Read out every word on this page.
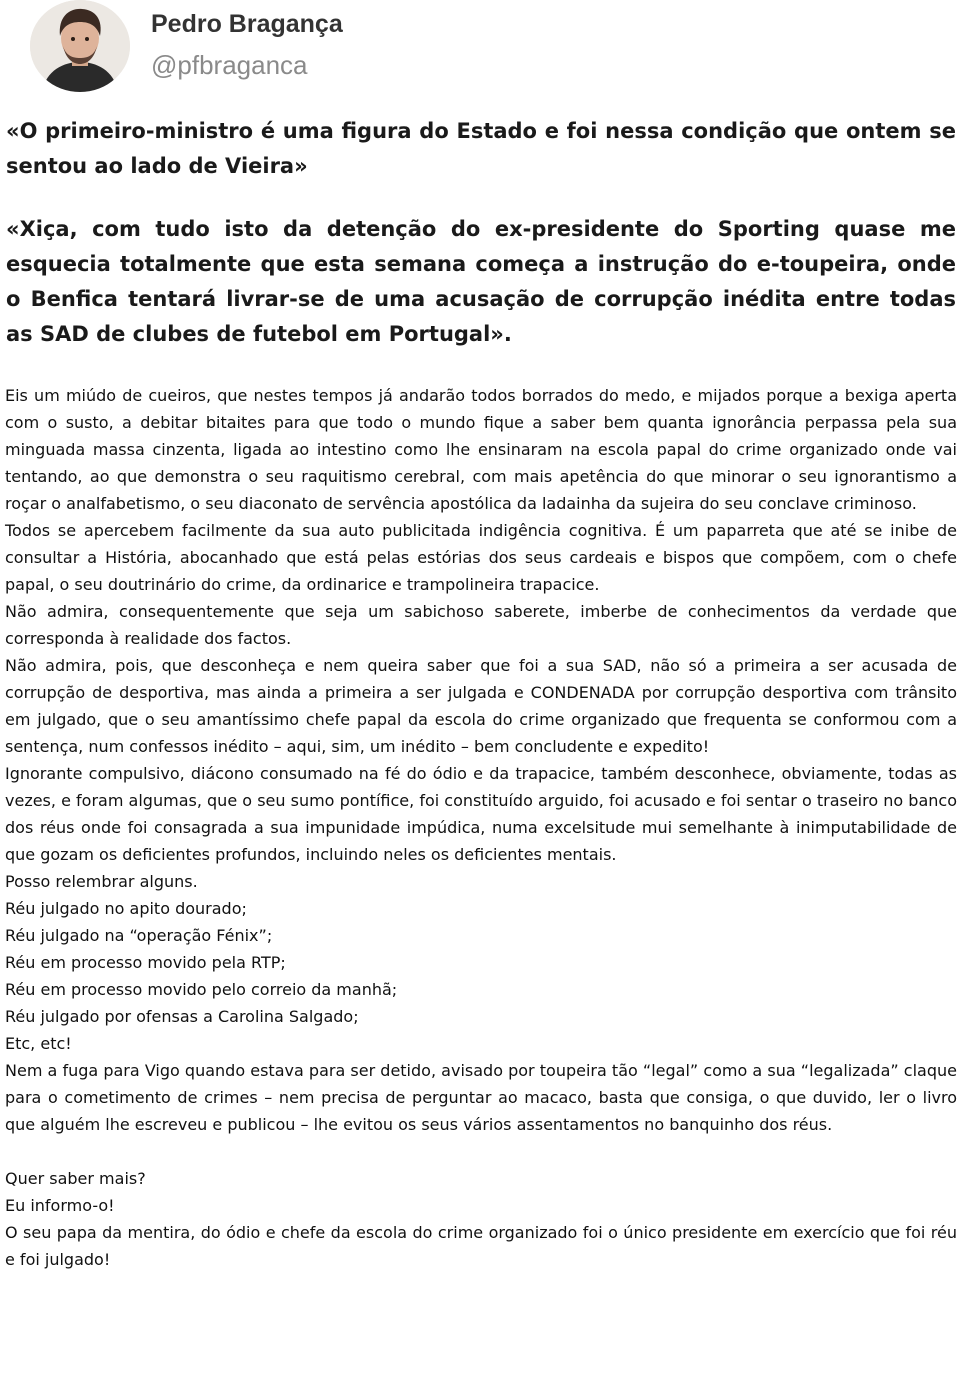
Pedro Bragança
@pfbraganca

«O primeiro-ministro é uma figura do Estado e foi nessa condição que ontem se sentou ao lado de Vieira»

«Xiça, com tudo isto da detenção do ex-presidente do Sporting quase me esquecia totalmente que esta semana começa a instrução do e-toupeira, onde o Benfica tentará livrar-se de uma acusação de corrupção inédita entre todas as SAD de clubes de futebol em Portugal».

Eis um miúdo de cueiros, que nestes tempos já andarão todos borrados do medo, e mijados porque a bexiga aperta com o susto, a debitar bitaites para que todo o mundo fique a saber bem quanta ignorância perpassa pela sua minguada massa cinzenta, ligada ao intestino como lhe ensinaram na escola papal do crime organizado onde vai tentando, ao que demonstra o seu raquitismo cerebral, com mais apetência do que minorar o seu ignorantismo a roçar o analfabetismo, o seu diaconato de servência apostólica da ladainha da sujeira do seu conclave criminoso.

Todos se apercebem facilmente da sua auto publicitada indigência cognitiva. É um paparreta que até se inibe de consultar a História, abocanhado que está pelas estórias dos seus cardeais e bispos que compõem, com o chefe papal, o seu doutrinário do crime, da ordinarice e trampolineira trapacice.

Não admira, consequentemente que seja um sabichoso saberete, imberbe de conhecimentos da verdade que corresponda à realidade dos factos.

Não admira, pois, que desconheça e nem queira saber que foi a sua SAD, não só a primeira a ser acusada de corrupção de desportiva, mas ainda a primeira a ser julgada e CONDENADA por corrupção desportiva com trânsito em julgado, que o seu amantíssimo chefe papal da escola do crime organizado que frequenta se conformou com a sentença, num confessos inédito – aqui, sim, um inédito – bem concludente e expedito!

Ignorante compulsivo, diácono consumado na fé do ódio e da trapacice, também desconhece, obviamente, todas as vezes, e foram algumas, que o seu sumo pontífice, foi constituído arguido, foi acusado e foi sentar o traseiro no banco dos réus onde foi consagrada a sua impunidade impúdica, numa excelsitude mui semelhante à inimputabilidade de que gozam os deficientes profundos, incluindo neles os deficientes mentais.

Posso relembrar alguns.

Réu julgado no apito dourado;

Réu julgado na “operação Fénix”;

Réu em processo movido pela RTP;

Réu em processo movido pelo correio da manhã;

Réu julgado por ofensas a Carolina Salgado;

Etc, etc!

Nem a fuga para Vigo quando estava para ser detido, avisado por toupeira tão “legal” como a sua “legalizada” claque para o cometimento de crimes – nem precisa de perguntar ao macaco, basta que consiga, o que duvido, ler o livro que alguém lhe escreveu e publicou – lhe evitou os seus vários assentamentos no banquinho dos réus.

Quer saber mais?

Eu informo-o!

O seu papa da mentira, do ódio e chefe da escola do crime organizado foi o único presidente em exercício que foi réu e foi julgado!
